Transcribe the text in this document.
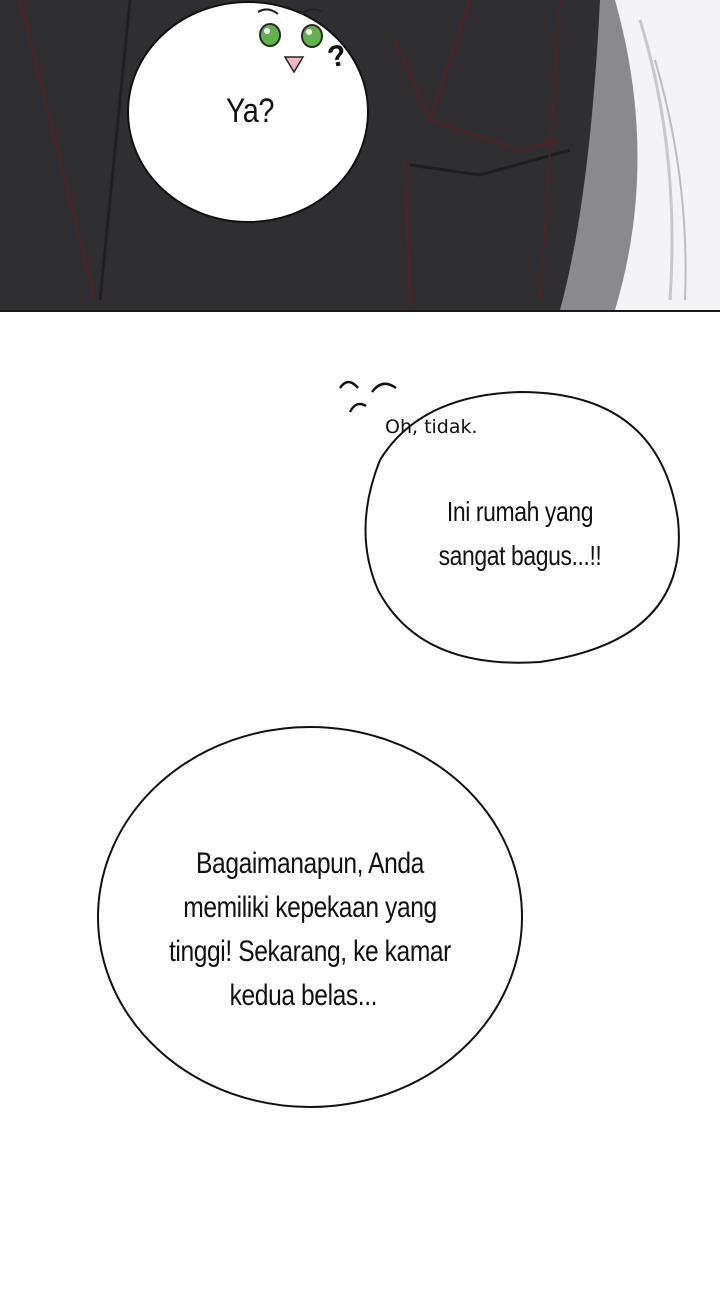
?
Ya?
Oh, tidak.
Ini rumah yang
sangat bagus...!!
Bagaimanapun, Anda
memiliki kepekaan yang
tinggi! Sekarang, ke kamar
kedua belas...
